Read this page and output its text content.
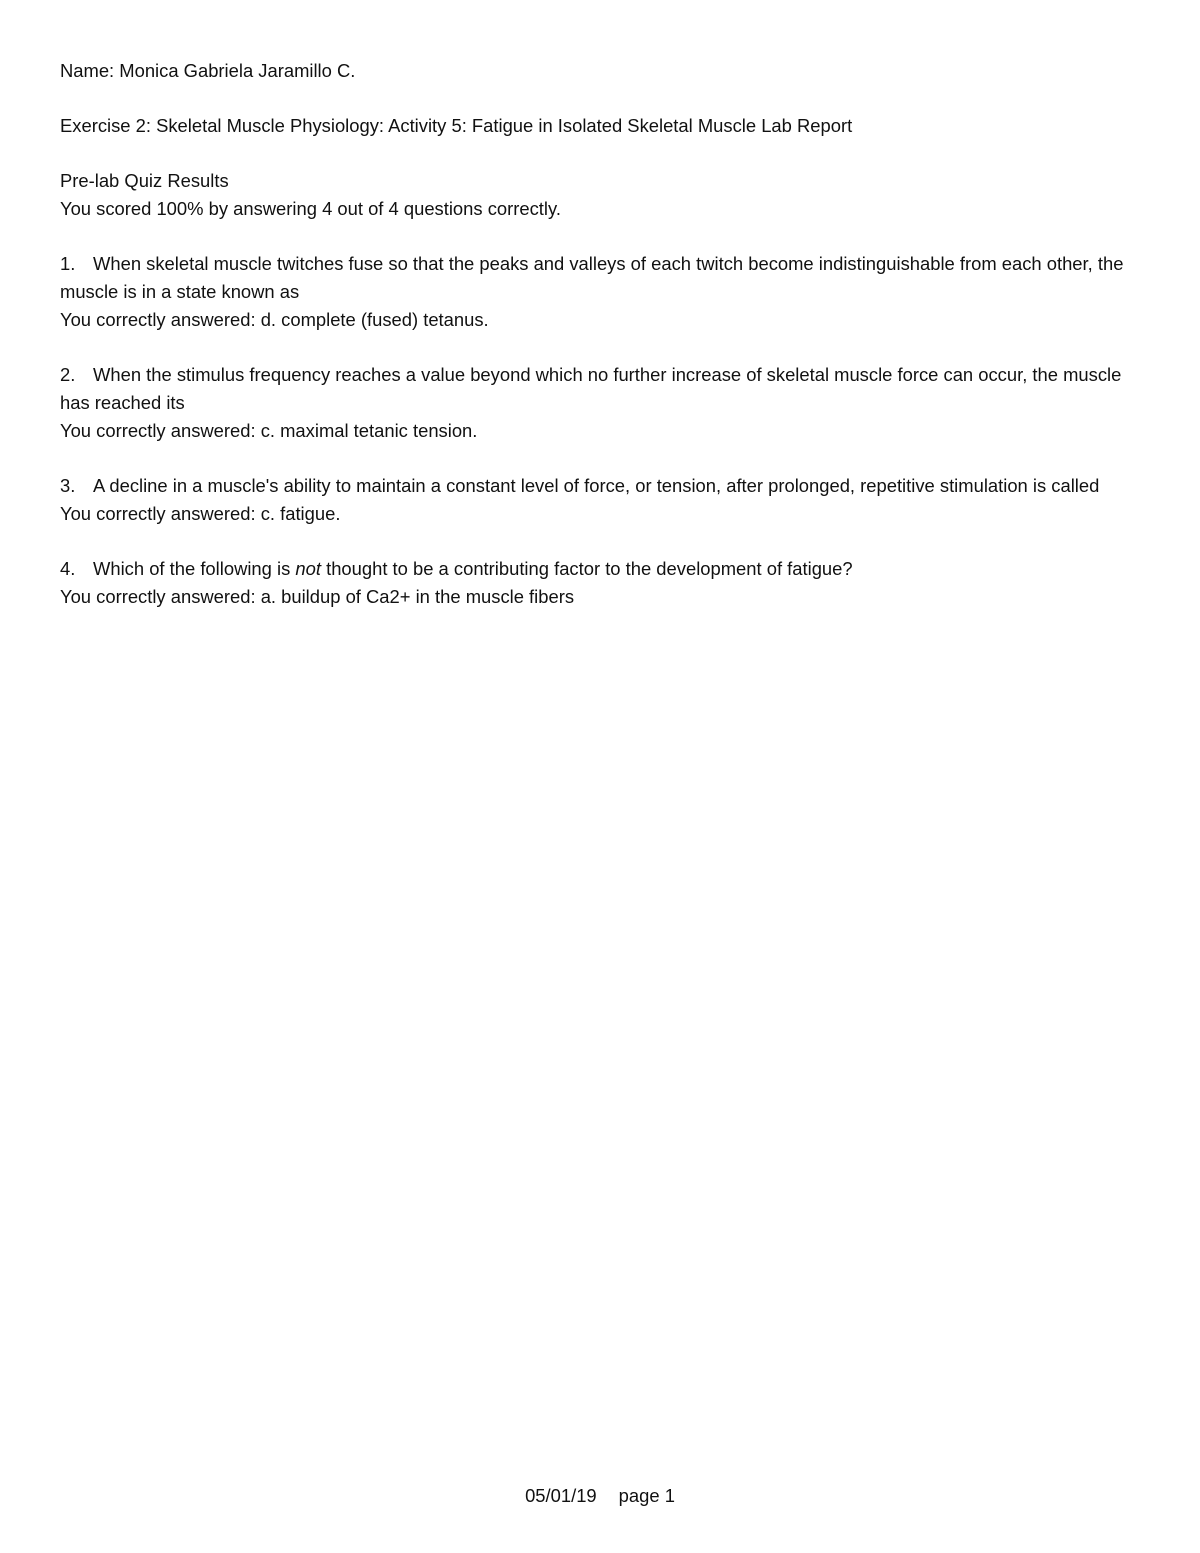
Name: Monica Gabriela Jaramillo C.
Exercise 2: Skeletal Muscle Physiology: Activity 5: Fatigue in Isolated Skeletal Muscle Lab Report
Pre-lab Quiz Results
You scored 100% by answering 4 out of 4 questions correctly.
1. When skeletal muscle twitches fuse so that the peaks and valleys of each twitch become indistinguishable from each other, the muscle is in a state known as
You correctly answered: d. complete (fused) tetanus.
2. When the stimulus frequency reaches a value beyond which no further increase of skeletal muscle force can occur, the muscle has reached its
You correctly answered: c. maximal tetanic tension.
3. A decline in a muscle's ability to maintain a constant level of force, or tension, after prolonged, repetitive stimulation is called
You correctly answered: c. fatigue.
4. Which of the following is not thought to be a contributing factor to the development of fatigue?
You correctly answered: a. buildup of Ca2+ in the muscle fibers
05/01/19 page 1
